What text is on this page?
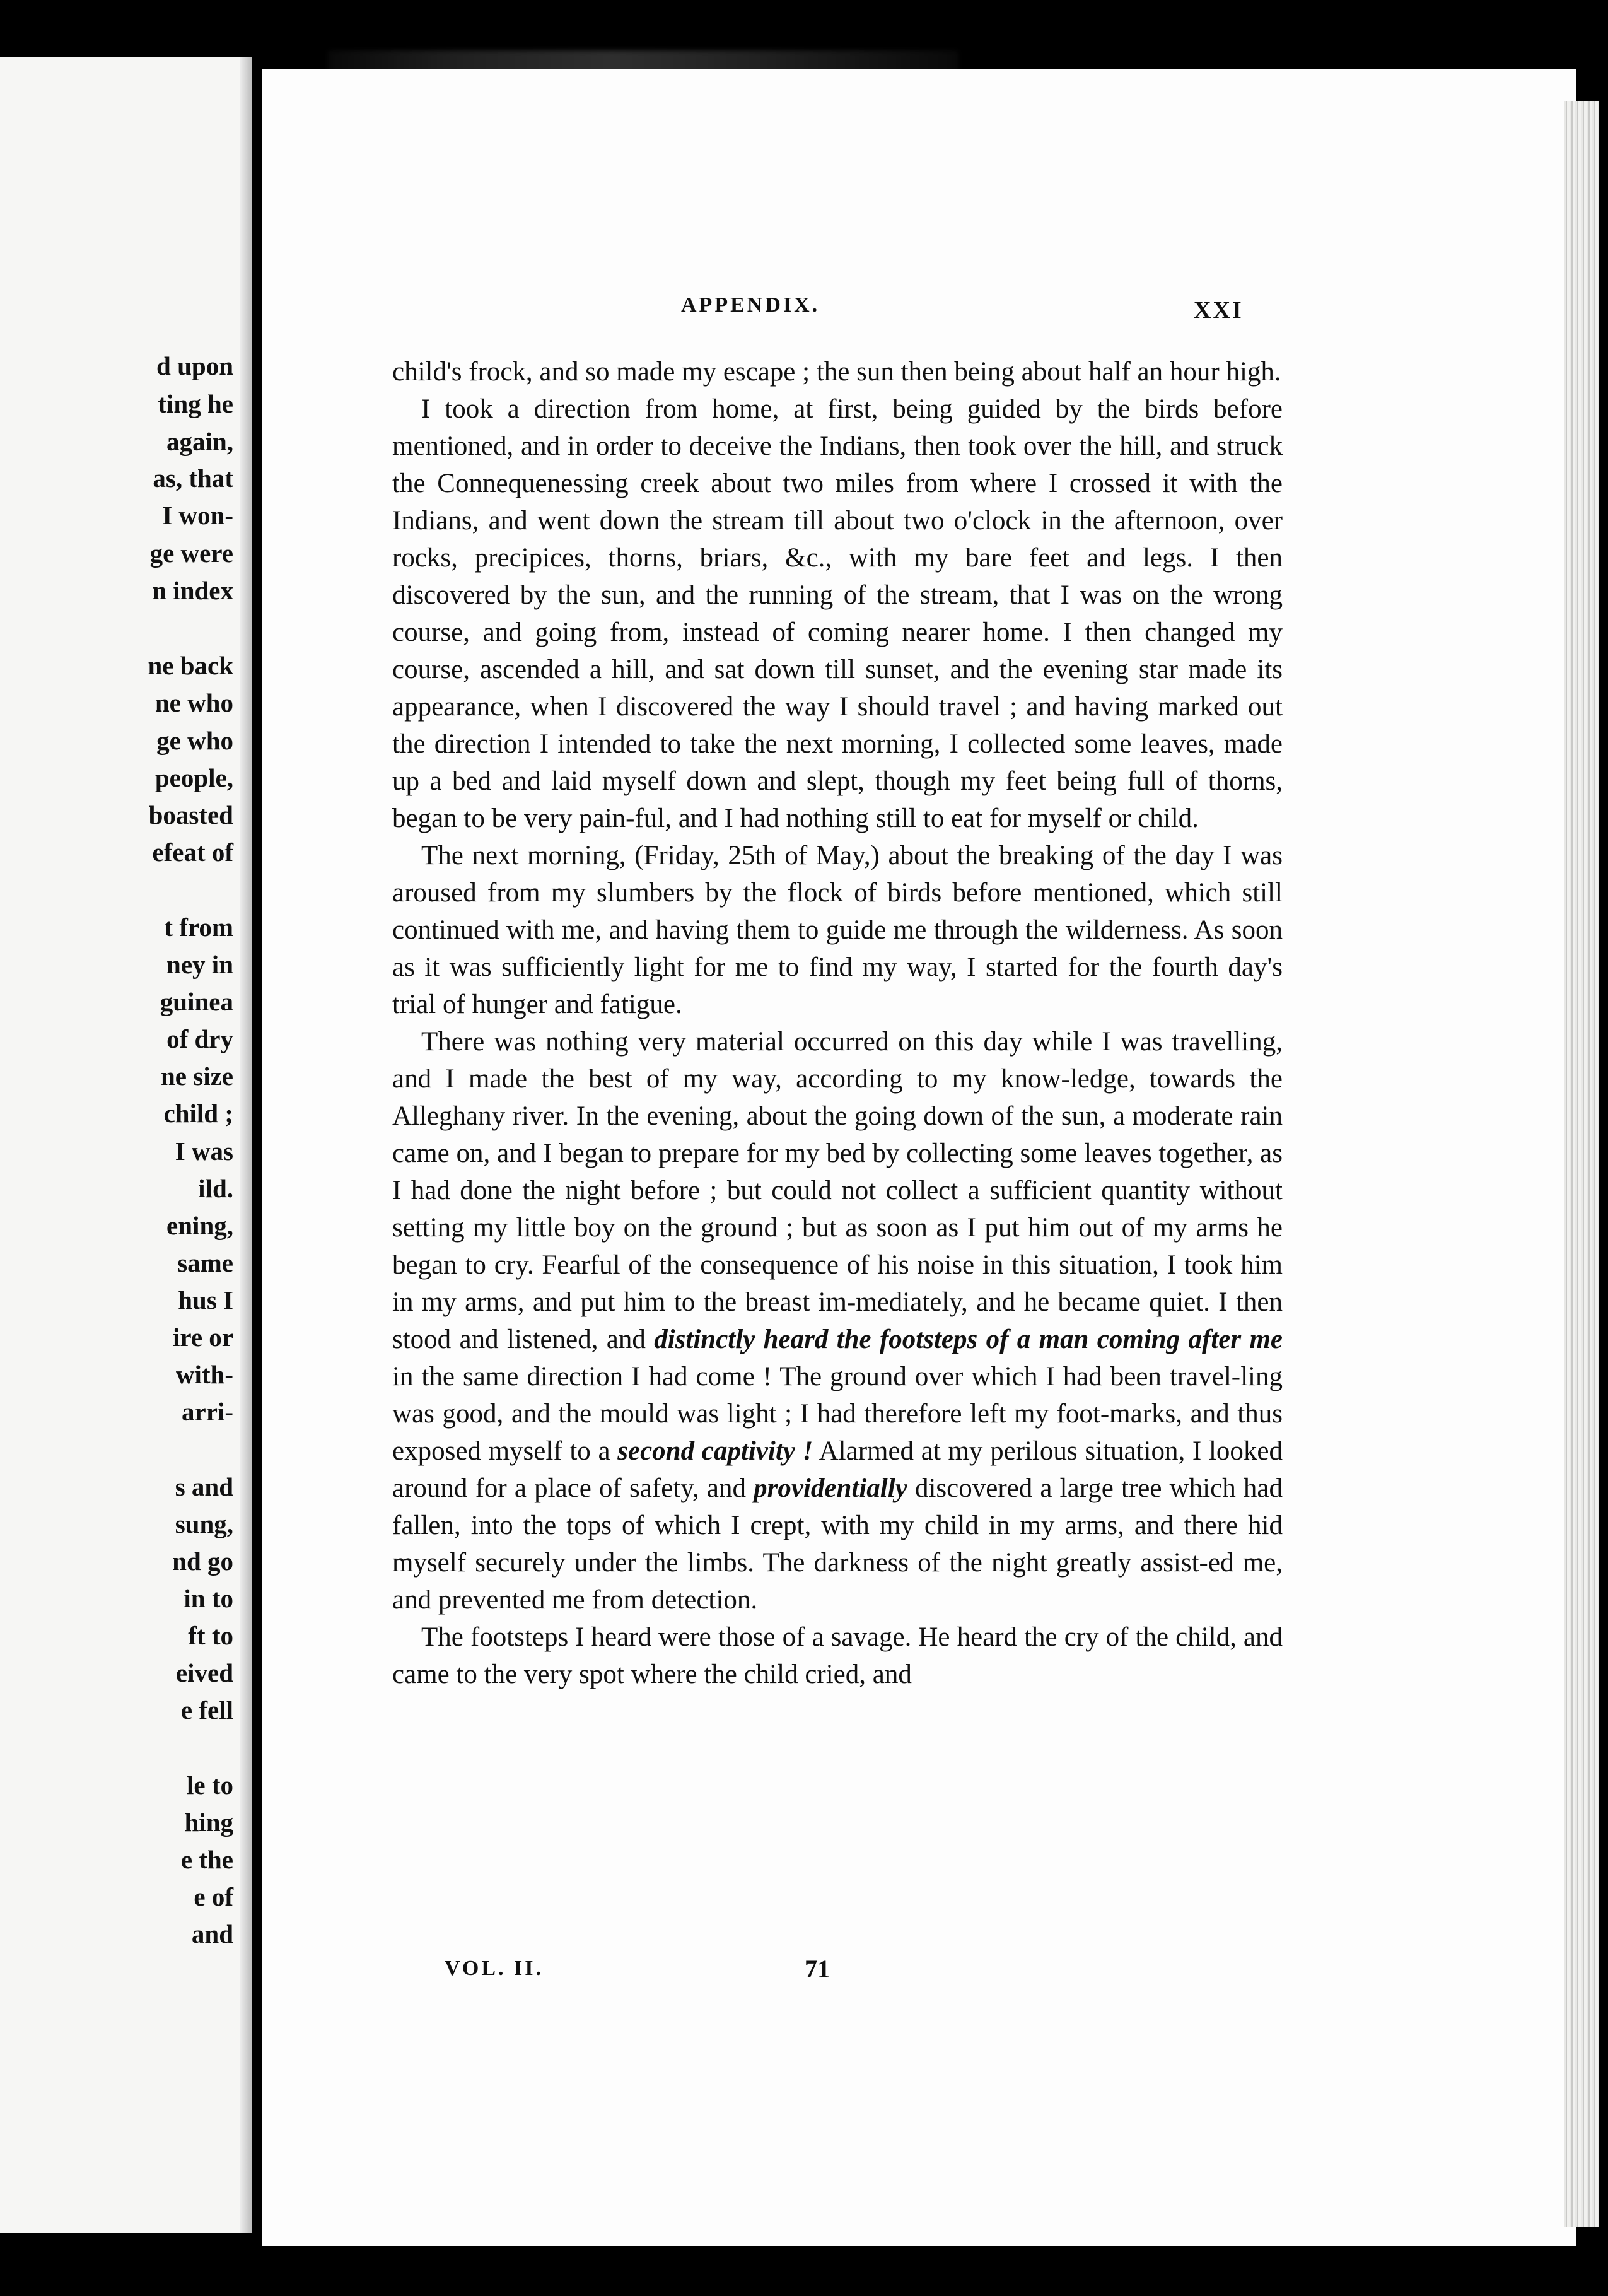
d upon

ting he

again,

as, that

I won-

ge were

n index

ne back

ne who

ge who

people,

boasted

efeat of

t from

ney in

guinea

of dry

ne size

child ;

I was

ild.

ening,

same

hus I

ire or

with-

arri-

s and

sung,

nd go

in to

ft to

eived

e fell

le to

hing

e the

e of

and

APPENDIX.	XXI

child's frock, and so made my escape ; the sun then being about half an hour high.

I took a direction from home, at first, being guided by the birds before mentioned, and in order to deceive the Indians, then took over the hill, and struck the Connequenessing creek about two miles from where I crossed it with the Indians, and went down the stream till about two o'clock in the afternoon, over rocks, precipices, thorns, briars, &c., with my bare feet and legs. I then discovered by the sun, and the running of the stream, that I was on the wrong course, and going from, instead of coming nearer home. I then changed my course, ascended a hill, and sat down till sunset, and the evening star made its appearance, when I discovered the way I should travel ; and having marked out the direction I intended to take the next morning, I collected some leaves, made up a bed and laid myself down and slept, though my feet being full of thorns, began to be very pain-ful, and I had nothing still to eat for myself or child.

The next morning, (Friday, 25th of May,) about the breaking of the day I was aroused from my slumbers by the flock of birds before mentioned, which still continued with me, and having them to guide me through the wilderness. As soon as it was sufficiently light for me to find my way, I started for the fourth day's trial of hunger and fatigue.

There was nothing very material occurred on this day while I was travelling, and I made the best of my way, according to my know-ledge, towards the Alleghany river. In the evening, about the going down of the sun, a moderate rain came on, and I began to prepare for my bed by collecting some leaves together, as I had done the night before ; but could not collect a sufficient quantity without setting my little boy on the ground ; but as soon as I put him out of my arms he began to cry. Fearful of the consequence of his noise in this situation, I took him in my arms, and put him to the breast im-mediately, and he became quiet. I then stood and listened, and distinctly heard the footsteps of a man coming after me in the same direction I had come ! The ground over which I had been travel-ling was good, and the mould was light ; I had therefore left my foot-marks, and thus exposed myself to a second captivity ! Alarmed at my perilous situation, I looked around for a place of safety, and providentially discovered a large tree which had fallen, into the tops of which I crept, with my child in my arms, and there hid myself securely under the limbs. The darkness of the night greatly assist-ed me, and prevented me from detection.

The footsteps I heard were those of a savage. He heard the cry of the child, and came to the very spot where the child cried, and

VOL. II.	71
